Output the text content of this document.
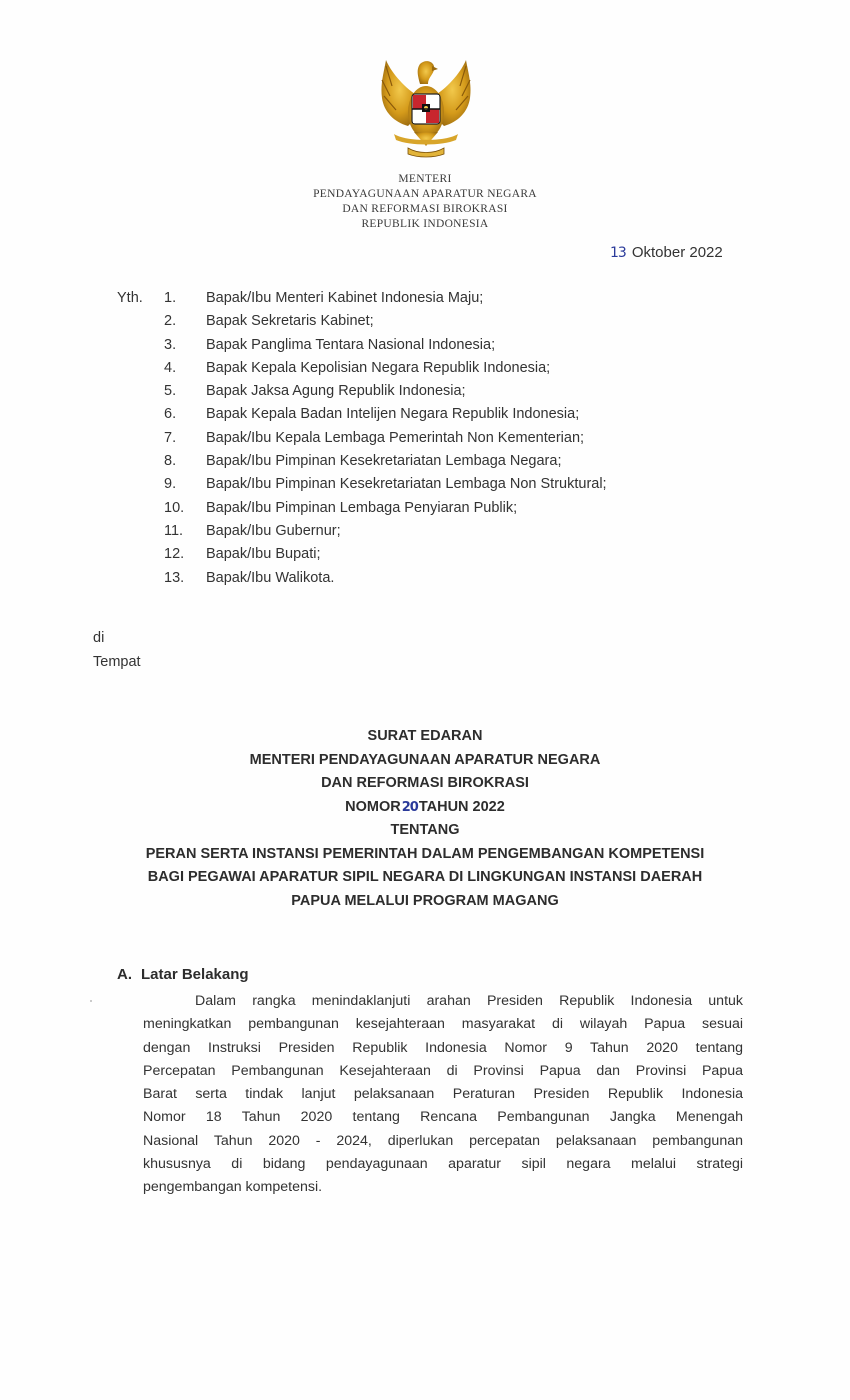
MENTERI
PENDAYAGUNAAN APARATUR NEGARA
DAN REFORMASI BIROKRASI
REPUBLIK INDONESIA
13 Oktober 2022
Yth. 1.	Bapak/Ibu Menteri Kabinet Indonesia Maju;
2.	Bapak Sekretaris Kabinet;
3.	Bapak Panglima Tentara Nasional Indonesia;
4.	Bapak Kepala Kepolisian Negara Republik Indonesia;
5.	Bapak Jaksa Agung Republik Indonesia;
6.	Bapak Kepala Badan Intelijen Negara Republik Indonesia;
7.	Bapak/Ibu Kepala Lembaga Pemerintah Non Kementerian;
8.	Bapak/Ibu Pimpinan Kesekretariatan Lembaga Negara;
9.	Bapak/Ibu Pimpinan Kesekretariatan Lembaga Non Struktural;
10.	Bapak/Ibu Pimpinan Lembaga Penyiaran Publik;
11.	Bapak/Ibu Gubernur;
12.	Bapak/Ibu Bupati;
13.	Bapak/Ibu Walikota.
di
Tempat
SURAT EDARAN
MENTERI PENDAYAGUNAAN APARATUR NEGARA
DAN REFORMASI BIROKRASI
NOMOR20TAHUN 2022
TENTANG
PERAN SERTA INSTANSI PEMERINTAH DALAM PENGEMBANGAN KOMPETENSI
BAGI PEGAWAI APARATUR SIPIL NEGARA DI LINGKUNGAN INSTANSI DAERAH
PAPUA MELALUI PROGRAM MAGANG
A. Latar Belakang
Dalam rangka menindaklanjuti arahan Presiden Republik Indonesia untuk
meningkatkan pembangunan kesejahteraan masyarakat di wilayah Papua sesuai
dengan Instruksi Presiden Republik Indonesia Nomor 9 Tahun 2020 tentang
Percepatan Pembangunan Kesejahteraan di Provinsi Papua dan Provinsi Papua
Barat serta tindak lanjut pelaksanaan Peraturan Presiden Republik Indonesia
Nomor 18 Tahun 2020 tentang Rencana Pembangunan Jangka Menengah
Nasional Tahun 2020 - 2024, diperlukan percepatan pelaksanaan pembangunan
khususnya di bidang pendayagunaan aparatur sipil negara melalui strategi
pengembangan kompetensi.
